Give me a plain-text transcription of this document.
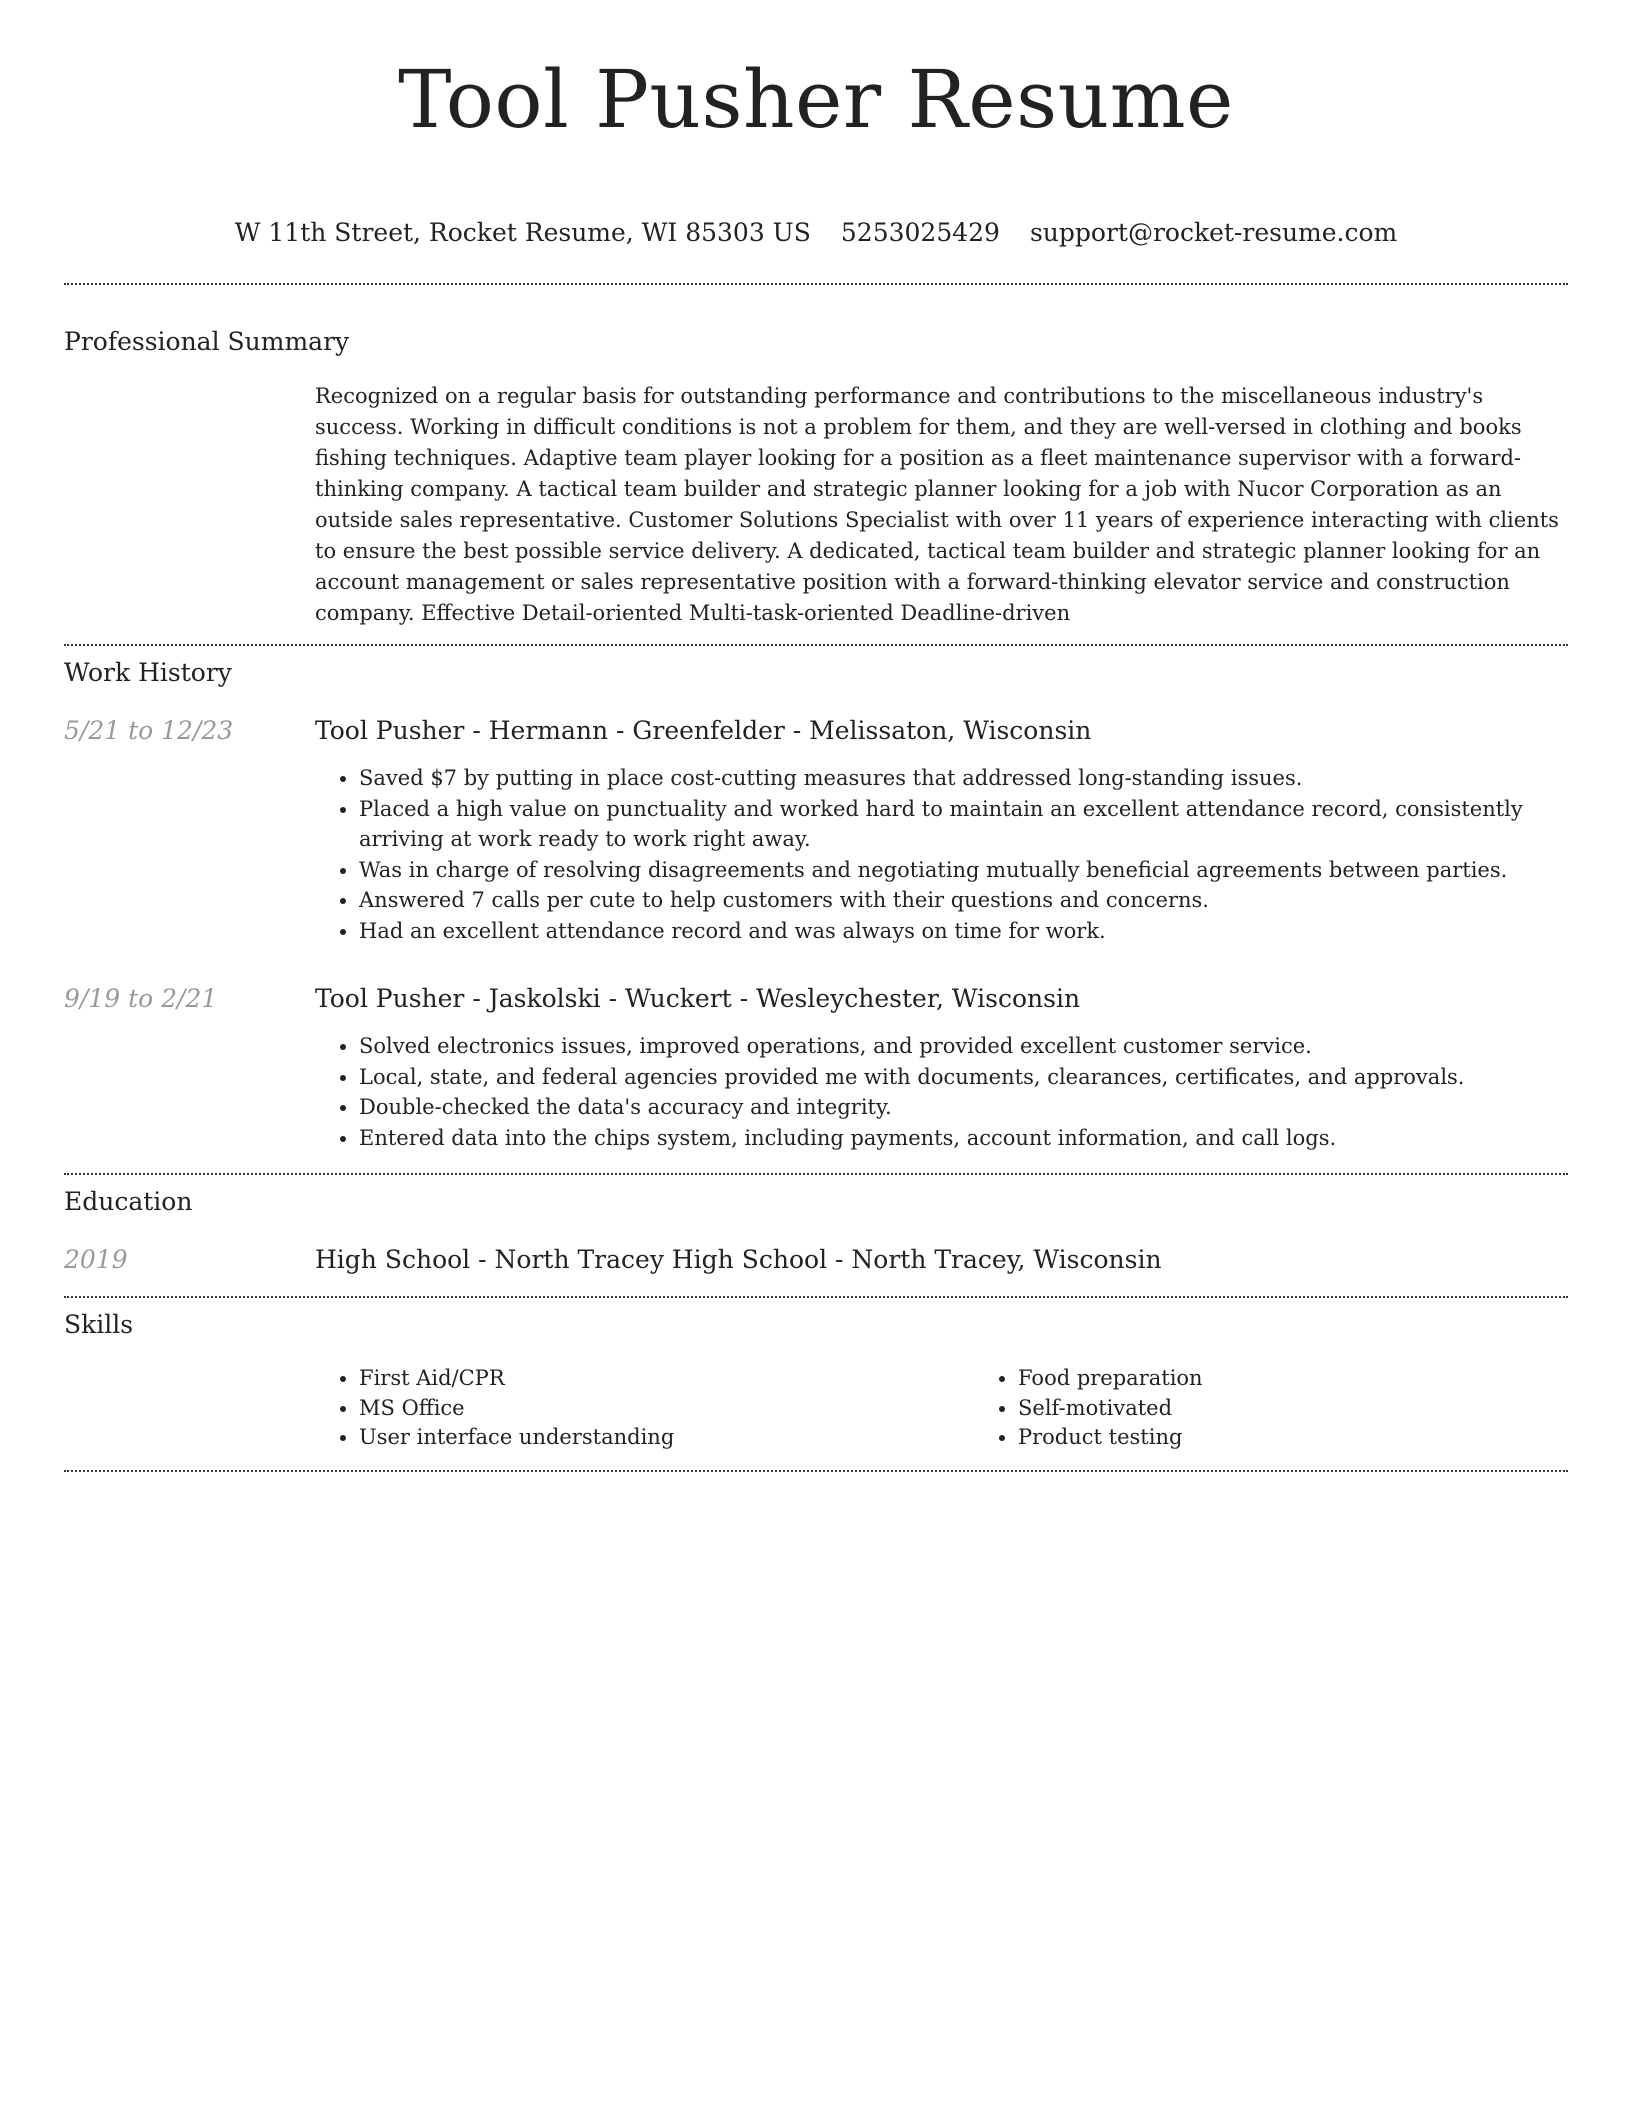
Tool Pusher Resume
W 11th Street, Rocket Resume, WI 85303 US 5253025429 support@rocket-resume.com
Professional Summary
Recognized on a regular basis for outstanding performance and contributions to the miscellaneous industry's success. Working in difficult conditions is not a problem for them, and they are well-versed in clothing and books fishing techniques. Adaptive team player looking for a position as a fleet maintenance supervisor with a forward-thinking company. A tactical team builder and strategic planner looking for a job with Nucor Corporation as an outside sales representative. Customer Solutions Specialist with over 11 years of experience interacting with clients to ensure the best possible service delivery. A dedicated, tactical team builder and strategic planner looking for an account management or sales representative position with a forward-thinking elevator service and construction company. Effective Detail-oriented Multi-task-oriented Deadline-driven
Work History
5/21 to 12/23	Tool Pusher - Hermann - Greenfelder - Melissaton, Wisconsin
• Saved $7 by putting in place cost-cutting measures that addressed long-standing issues.
• Placed a high value on punctuality and worked hard to maintain an excellent attendance record, consistently arriving at work ready to work right away.
• Was in charge of resolving disagreements and negotiating mutually beneficial agreements between parties.
• Answered 7 calls per cute to help customers with their questions and concerns.
• Had an excellent attendance record and was always on time for work.
9/19 to 2/21	Tool Pusher - Jaskolski - Wuckert - Wesleychester, Wisconsin
• Solved electronics issues, improved operations, and provided excellent customer service.
• Local, state, and federal agencies provided me with documents, clearances, certificates, and approvals.
• Double-checked the data's accuracy and integrity.
• Entered data into the chips system, including payments, account information, and call logs.
Education
2019	High School - North Tracey High School - North Tracey, Wisconsin
Skills
• First Aid/CPR
• MS Office
• User interface understanding
• Food preparation
• Self-motivated
• Product testing
